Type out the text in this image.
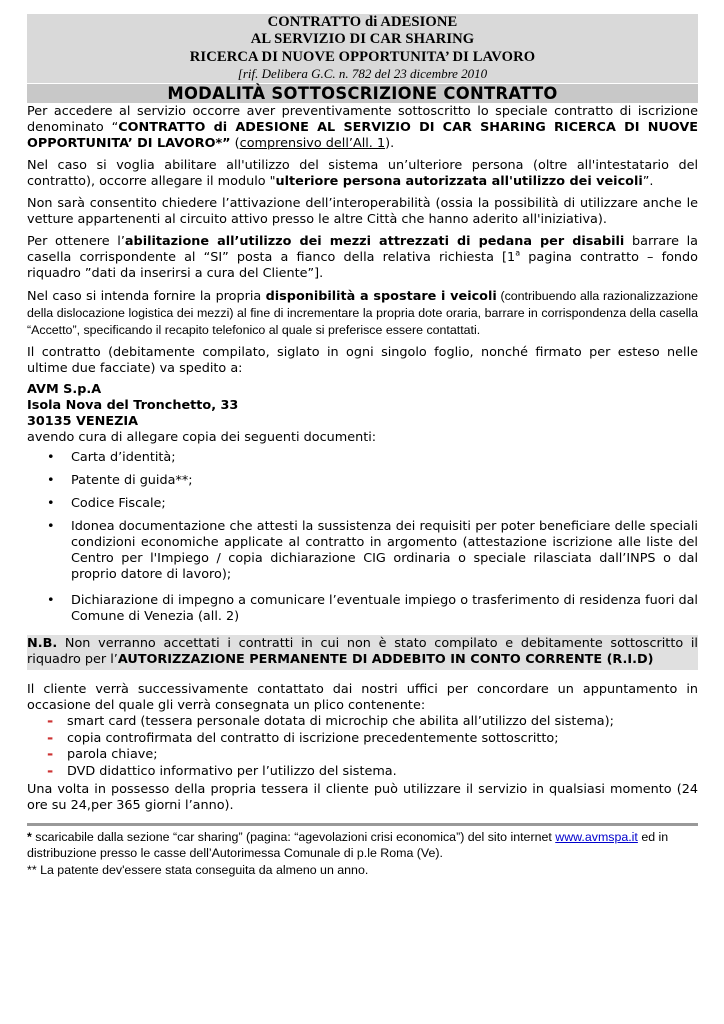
CONTRATTO di ADESIONE
AL SERVIZIO DI CAR SHARING
RICERCA DI NUOVE OPPORTUNITA’ DI LAVORO
[rif. Delibera G.C. n. 782 del 23 dicembre 2010
MODALITÀ SOTTOSCRIZIONE CONTRATTO

Per accedere al servizio occorre aver preventivamente sottoscritto lo speciale contratto di iscrizione denominato “CONTRATTO di ADESIONE AL SERVIZIO DI CAR SHARING RICERCA DI NUOVE OPPORTUNITA’ DI LAVORO*” (comprensivo dell’All. 1).

Nel caso si voglia abilitare all'utilizzo del sistema un’ulteriore persona (oltre all'intestatario del contratto), occorre allegare il modulo "ulteriore persona autorizzata all'utilizzo dei veicoli”.

Non sarà consentito chiedere l’attivazione dell’interoperabilità (ossia la possibilità di utilizzare anche le vetture appartenenti al circuito attivo presso le altre Città che hanno aderito all'iniziativa).

Per ottenere l’abilitazione all’utilizzo dei mezzi attrezzati di pedana per disabili barrare la casella corrispondente al “SI” posta a fianco della relativa richiesta [1$^a$ pagina contratto – fondo riquadro ”dati da inserirsi a cura del Cliente”].

Nel caso si intenda fornire la propria disponibilità a spostare i veicoli (contribuendo alla razionalizzazione della dislocazione logistica dei mezzi) al fine di incrementare la propria dote oraria, barrare in corrispondenza della casella “Accetto”, specificando il recapito telefonico al quale si preferisce essere contattati.

Il contratto (debitamente compilato, siglato in ogni singolo foglio, nonché firmato per esteso nelle ultime due facciate) va spedito a:

AVM S.p.A
Isola Nova del Tronchetto, 33
30135 VENEZIA

avendo cura di allegare copia dei seguenti documenti:

• Carta d’identità;
• Patente di guida**;
• Codice Fiscale;
• Idonea documentazione che attesti la sussistenza dei requisiti per poter beneficiare delle speciali condizioni economiche applicate al contratto in argomento (attestazione iscrizione alle liste del Centro per l'Impiego / copia dichiarazione CIG ordinaria o speciale rilasciata dall’INPS o dal proprio datore di lavoro);
• Dichiarazione di impegno a comunicare l’eventuale impiego o trasferimento di residenza fuori dal Comune di Venezia (all. 2)

N.B. Non verranno accettati i contratti in cui non è stato compilato e debitamente sottoscritto il riquadro per l’AUTORIZZAZIONE PERMANENTE DI ADDEBITO IN CONTO CORRENTE (R.I.D)

Il cliente verrà successivamente contattato dai nostri uffici per concordare un appuntamento in occasione del quale gli verrà consegnata un plico contenente:

- smart card (tessera personale dotata di microchip che abilita all’utilizzo del sistema);
- copia controfirmata del contratto di iscrizione precedentemente sottoscritto;
- parola chiave;
- DVD didattico informativo per l’utilizzo del sistema.

Una volta in possesso della propria tessera il cliente può utilizzare il servizio in qualsiasi momento (24 ore su 24,per 365 giorni l’anno).

* scaricabile dalla sezione “car sharing” (pagina: “agevolazioni crisi economica”) del sito internet www.avmspa.it ed in distribuzione presso le casse dell’Autorimessa Comunale di p.le Roma (Ve).

** La patente dev'essere stata conseguita da almeno un anno.
